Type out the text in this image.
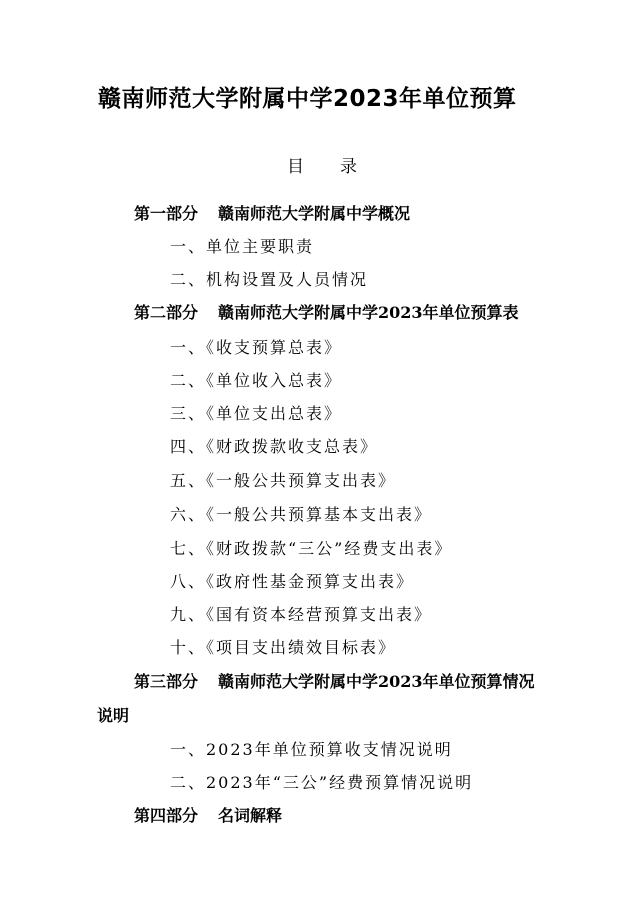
赣南师范大学附属中学2023年单位预算
目 录
第一部分 赣南师范大学附属中学概况
一、单位主要职责
二、机构设置及人员情况
第二部分 赣南师范大学附属中学2023年单位预算表
一、《收支预算总表》
二、《单位收入总表》
三、《单位支出总表》
四、《财政拨款收支总表》
五、《一般公共预算支出表》
六、《一般公共预算基本支出表》
七、《财政拨款“三公”经费支出表》
八、《政府性基金预算支出表》
九、《国有资本经营预算支出表》
十、《项目支出绩效目标表》
第三部分 赣南师范大学附属中学2023年单位预算情况
说明
一、2023年单位预算收支情况说明
二、2023年“三公”经费预算情况说明
第四部分 名词解释
